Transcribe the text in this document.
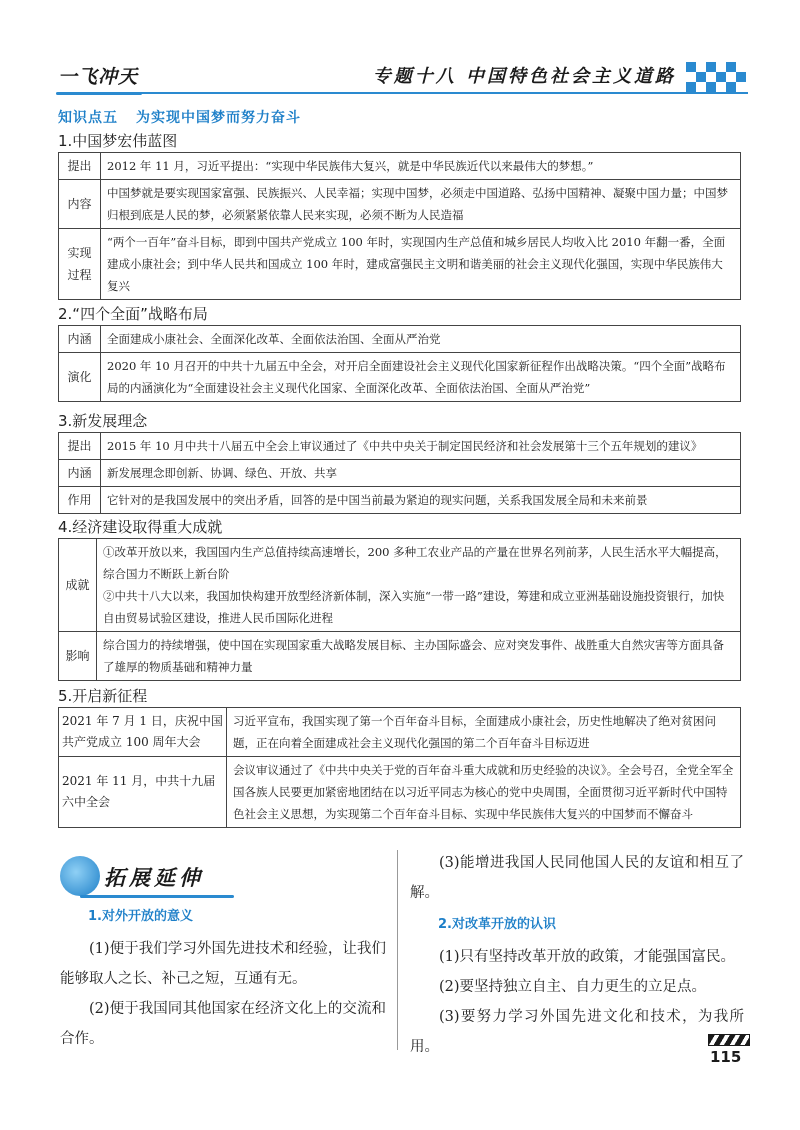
一飞冲天	专题十八 中国特色社会主义道路
知识点五 为实现中国梦而努力奋斗
1.中国梦宏伟蓝图
提出	2012 年 11 月，习近平提出：“实现中华民族伟大复兴，就是中华民族近代以来最伟大的梦想。”
内容	中国梦就是要实现国家富强、民族振兴、人民幸福；实现中国梦，必须走中国道路、弘扬中国精神、凝聚中国力量；中国梦归根到底是人民的梦，必须紧紧依靠人民来实现，必须不断为人民造福
实现过程	“两个一百年”奋斗目标，即到中国共产党成立 100 年时，实现国内生产总值和城乡居民人均收入比 2010 年翻一番，全面建成小康社会；到中华人民共和国成立 100 年时，建成富强民主文明和谐美丽的社会主义现代化强国，实现中华民族伟大复兴
2.“四个全面”战略布局
内涵	全面建成小康社会、全面深化改革、全面依法治国、全面从严治党
演化	2020 年 10 月召开的中共十九届五中全会，对开启全面建设社会主义现代化国家新征程作出战略决策。“四个全面”战略布局的内涵演化为“全面建设社会主义现代化国家、全面深化改革、全面依法治国、全面从严治党”
3.新发展理念
提出	2015 年 10 月中共十八届五中全会上审议通过了《中共中央关于制定国民经济和社会发展第十三个五年规划的建议》
内涵	新发展理念即创新、协调、绿色、开放、共享
作用	它针对的是我国发展中的突出矛盾，回答的是中国当前最为紧迫的现实问题，关系我国发展全局和未来前景
4.经济建设取得重大成就
成就	①改革开放以来，我国国内生产总值持续高速增长，200 多种工农业产品的产量在世界名列前茅，人民生活水平大幅提高，综合国力不断跃上新台阶
②中共十八大以来，我国加快构建开放型经济新体制，深入实施“一带一路”建设，筹建和成立亚洲基础设施投资银行，加快自由贸易试验区建设，推进人民币国际化进程

影响	综合国力的持续增强，使中国在实现国家重大战略发展目标、主办国际盛会、应对突发事件、战胜重大自然灾害等方面具备了雄厚的物质基础和精神力量
5.开启新征程
2021 年 7 月 1 日，庆祝中国共产党成立 100 周年大会	习近平宣布，我国实现了第一个百年奋斗目标，全面建成小康社会，历史性地解决了绝对贫困问题，正在向着全面建成社会主义现代化强国的第二个百年奋斗目标迈进
2021 年 11 月，中共十九届六中全会	会议审议通过了《中共中央关于党的百年奋斗重大成就和历史经验的决议》。全会号召，全党全军全国各族人民要更加紧密地团结在以习近平同志为核心的党中央周围，全面贯彻习近平新时代中国特色社会主义思想，为实现第二个百年奋斗目标、实现中华民族伟大复兴的中国梦而不懈奋斗
拓展延伸
1.对外开放的意义

(1)便于我们学习外国先进技术和经验，让我们能够取人之长、补己之短，互通有无。

(2)便于我国同其他国家在经济文化上的交流和合作。

(3)能增进我国人民同他国人民的友谊和相互了解。

2.对改革开放的认识

(1)只有坚持改革开放的政策，才能强国富民。

(2)要坚持独立自主、自力更生的立足点。

(3)要努力学习外国先进文化和技术，为我所用。

115
